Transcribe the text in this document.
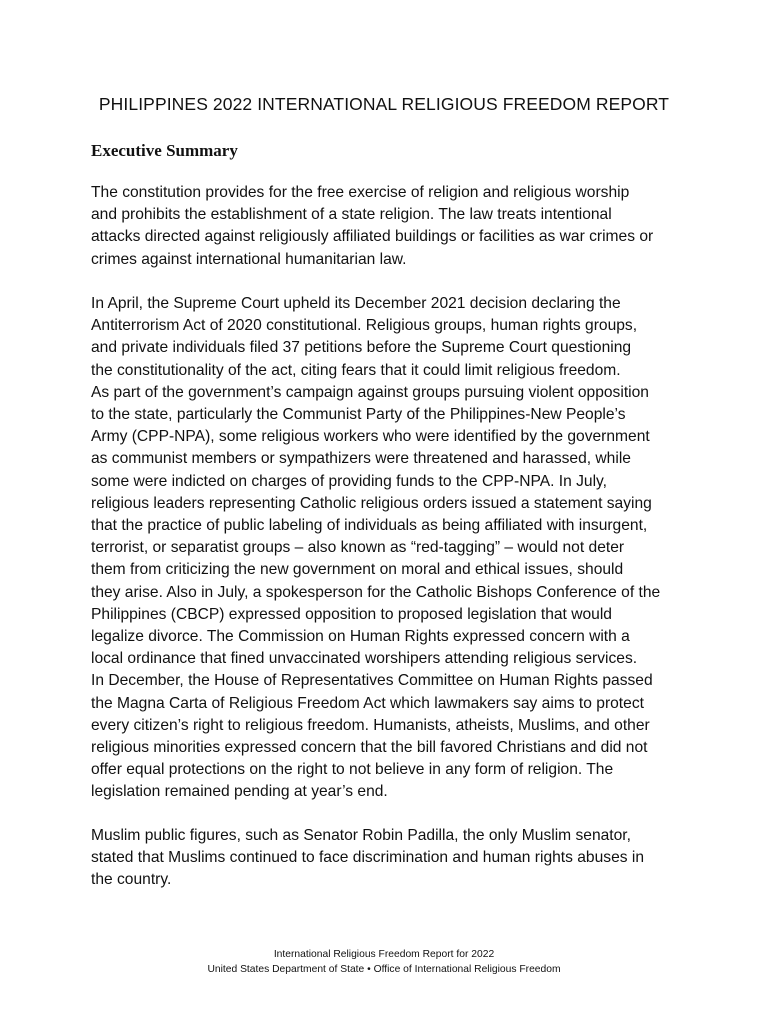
PHILIPPINES 2022 INTERNATIONAL RELIGIOUS FREEDOM REPORT
Executive Summary
The constitution provides for the free exercise of religion and religious worship
and prohibits the establishment of a state religion. The law treats intentional
attacks directed against religiously affiliated buildings or facilities as war crimes or
crimes against international humanitarian law.
In April, the Supreme Court upheld its December 2021 decision declaring the
Antiterrorism Act of 2020 constitutional. Religious groups, human rights groups,
and private individuals filed 37 petitions before the Supreme Court questioning
the constitutionality of the act, citing fears that it could limit religious freedom.
As part of the government’s campaign against groups pursuing violent opposition
to the state, particularly the Communist Party of the Philippines-New People’s
Army (CPP-NPA), some religious workers who were identified by the government
as communist members or sympathizers were threatened and harassed, while
some were indicted on charges of providing funds to the CPP-NPA. In July,
religious leaders representing Catholic religious orders issued a statement saying
that the practice of public labeling of individuals as being affiliated with insurgent,
terrorist, or separatist groups – also known as “red-tagging” – would not deter
them from criticizing the new government on moral and ethical issues, should
they arise. Also in July, a spokesperson for the Catholic Bishops Conference of the
Philippines (CBCP) expressed opposition to proposed legislation that would
legalize divorce. The Commission on Human Rights expressed concern with a
local ordinance that fined unvaccinated worshipers attending religious services.
In December, the House of Representatives Committee on Human Rights passed
the Magna Carta of Religious Freedom Act which lawmakers say aims to protect
every citizen’s right to religious freedom. Humanists, atheists, Muslims, and other
religious minorities expressed concern that the bill favored Christians and did not
offer equal protections on the right to not believe in any form of religion. The
legislation remained pending at year’s end.
Muslim public figures, such as Senator Robin Padilla, the only Muslim senator,
stated that Muslims continued to face discrimination and human rights abuses in
the country.
International Religious Freedom Report for 2022
United States Department of State • Office of International Religious Freedom
